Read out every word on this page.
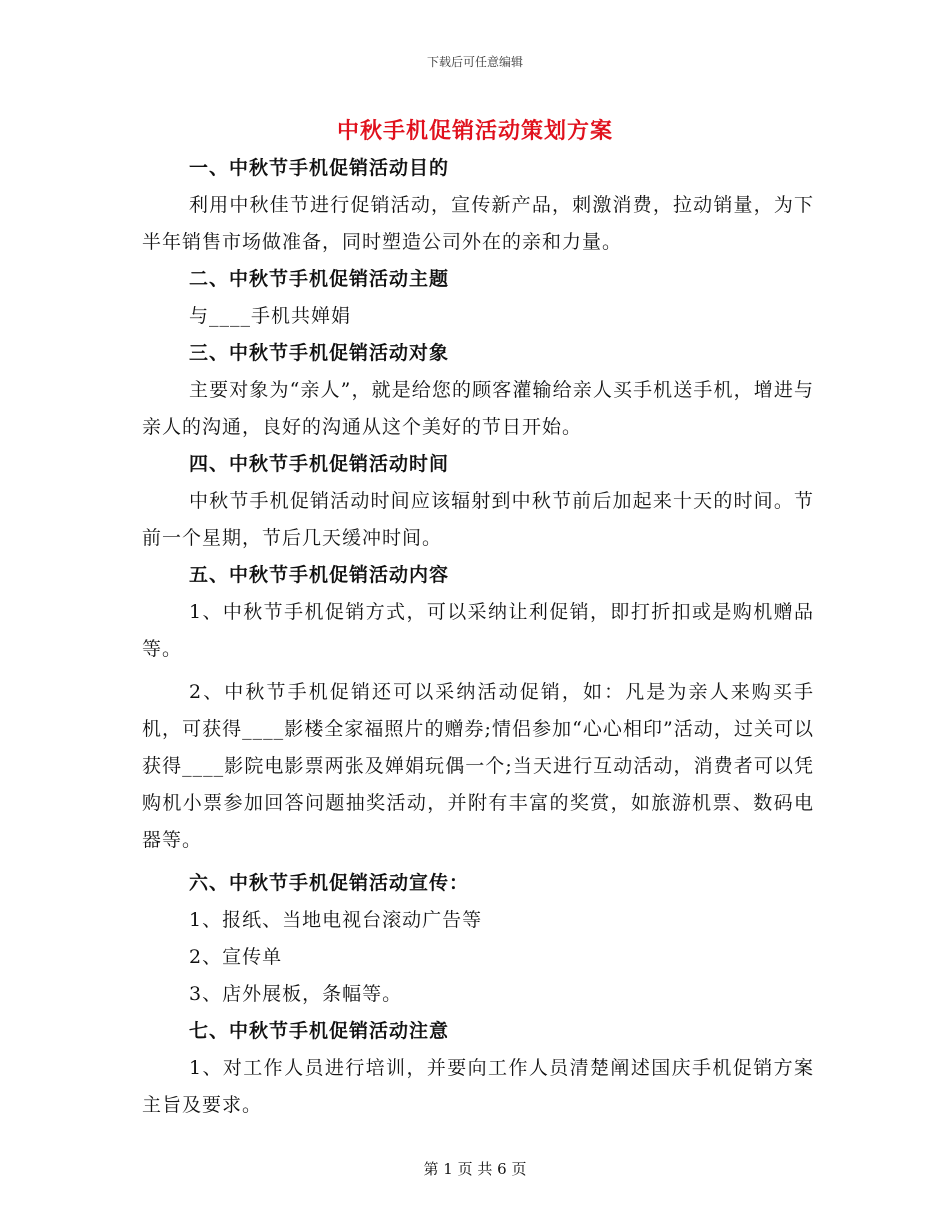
下载后可任意编辑
中秋手机促销活动策划方案

一、中秋节手机促销活动目的

利用中秋佳节进行促销活动，宣传新产品，刺激消费，拉动销量，为下半年销售市场做准备，同时塑造公司外在的亲和力量。

二、中秋节手机促销活动主题

与____手机共婵娟

三、中秋节手机促销活动对象

主要对象为“亲人”，就是给您的顾客灌输给亲人买手机送手机，增进与亲人的沟通，良好的沟通从这个美好的节日开始。

四、中秋节手机促销活动时间

中秋节手机促销活动时间应该辐射到中秋节前后加起来十天的时间。节前一个星期，节后几天缓冲时间。

五、中秋节手机促销活动内容

1、中秋节手机促销方式，可以采纳让利促销，即打折扣或是购机赠品等。

2、中秋节手机促销还可以采纳活动促销，如：凡是为亲人来购买手机，可获得____影楼全家福照片的赠券;情侣参加“心心相印”活动，过关可以获得____影院电影票两张及婵娟玩偶一个;当天进行互动活动，消费者可以凭购机小票参加回答问题抽奖活动，并附有丰富的奖赏，如旅游机票、数码电器等。

六、中秋节手机促销活动宣传：

1、报纸、当地电视台滚动广告等

2、宣传单

3、店外展板，条幅等。

七、中秋节手机促销活动注意

1、对工作人员进行培训，并要向工作人员清楚阐述国庆手机促销方案主旨及要求。

第 1 页 共 6 页
